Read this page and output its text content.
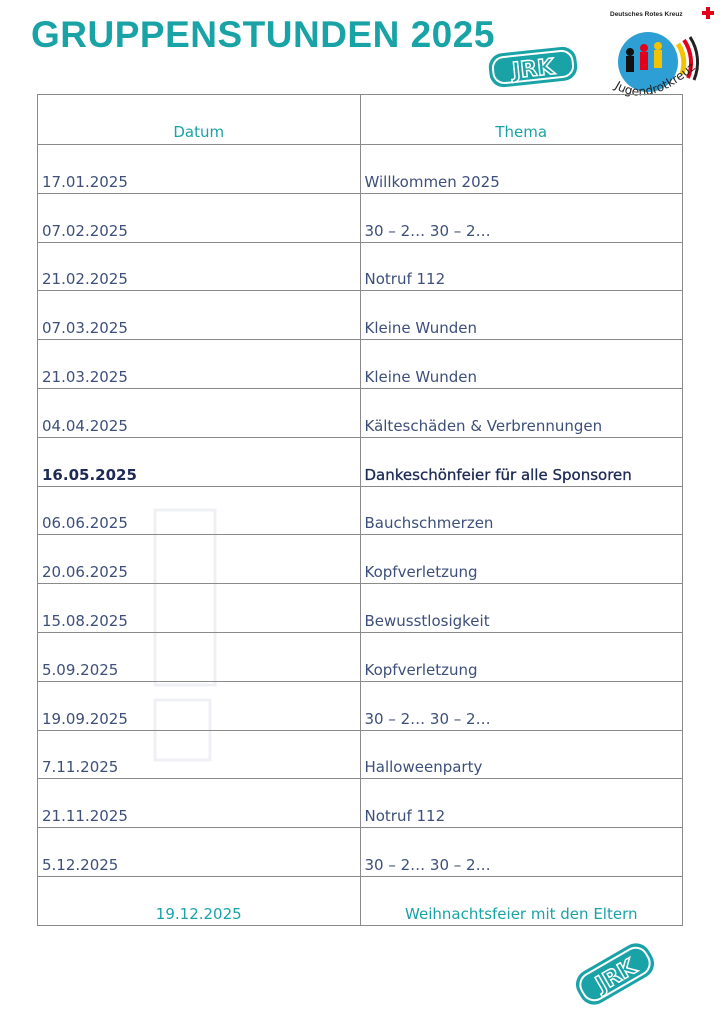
GRUPPENSTUNDEN 2025
JRK
Deutsches Rotes Kreuz
Jugendrotkreuz
Datum	Thema
17.01.2025	Willkommen 2025
07.02.2025	30 – 2… 30 – 2…
21.02.2025	Notruf 112
07.03.2025	Kleine Wunden
21.03.2025	Kleine Wunden
04.04.2025	Kälteschäden & Verbrennungen
16.05.2025	Dankeschönfeier für alle Sponsoren
06.06.2025	Bauchschmerzen
20.06.2025	Kopfverletzung
15.08.2025	Bewusstlosigkeit
5.09.2025	Kopfverletzung
19.09.2025	30 – 2… 30 – 2…
7.11.2025	Halloweenparty
21.11.2025	Notruf 112
5.12.2025	30 – 2… 30 – 2…
19.12.2025	Weihnachtsfeier mit den Eltern
JRK
